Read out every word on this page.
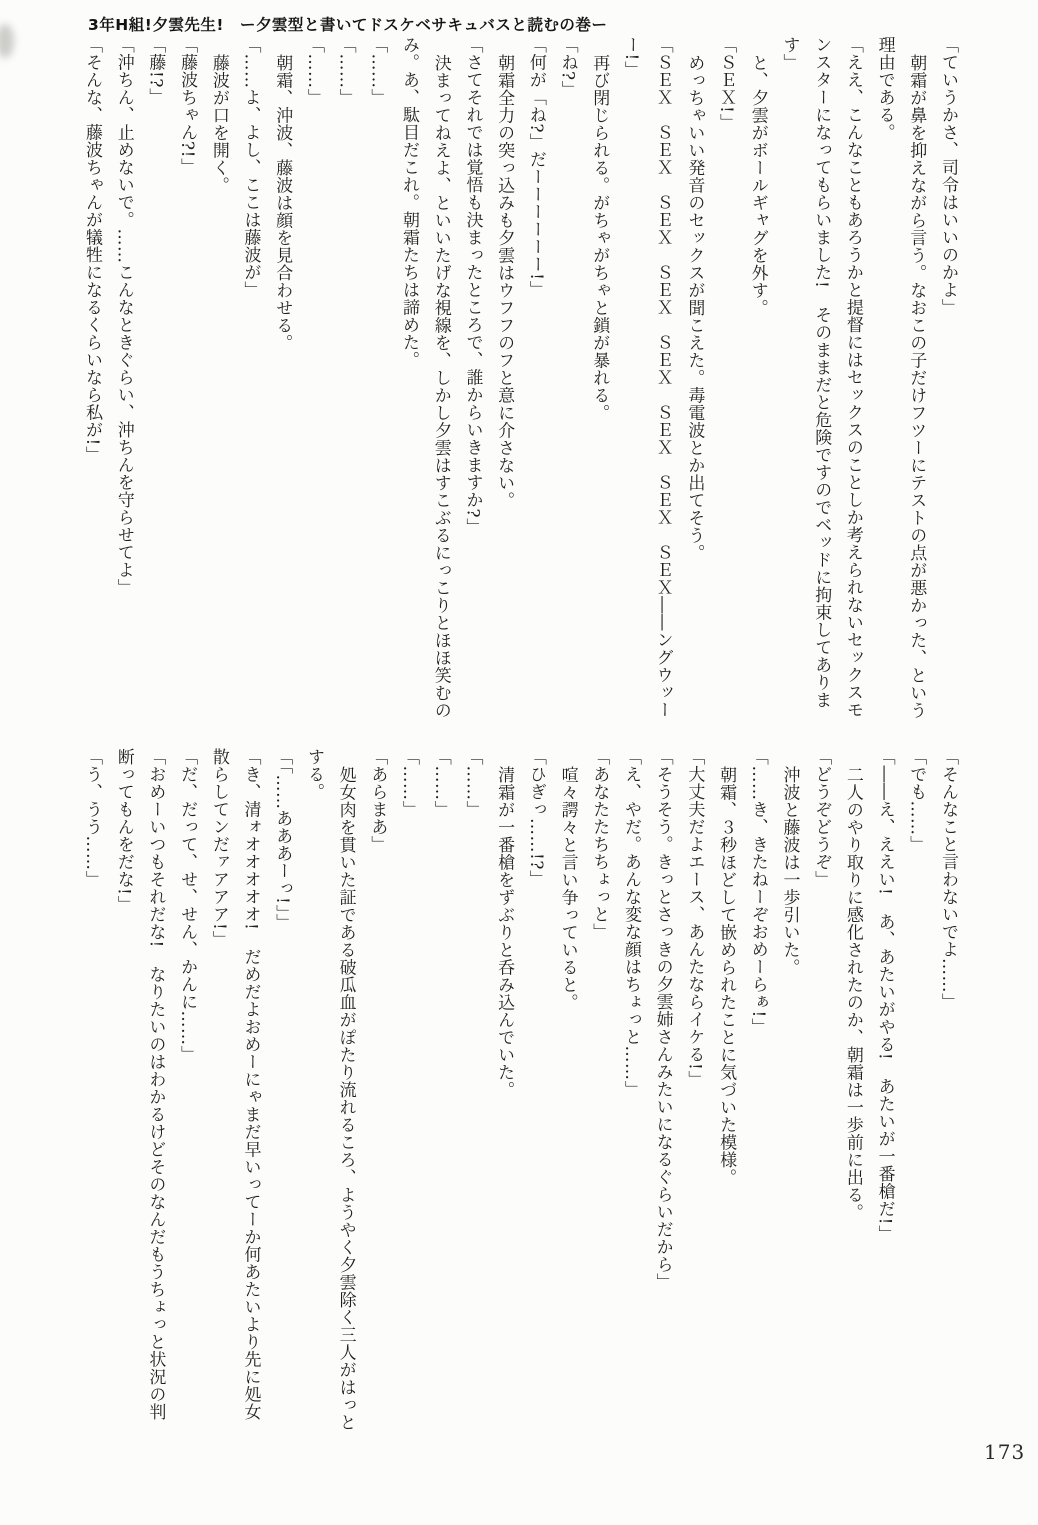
3年H組!夕雲先生!　ー夕雲型と書いてドスケベサキュバスと読むの巻ー

「ていうかさ、司令はいいのかよ」

朝霜が鼻を抑えながら言う。なおこの子だけフツーにテストの点が悪かった、という

理由である。

「ええ、こんなこともあろうかと提督にはセックスのことしか考えられないセックスモ

ンスターになってもらいました!　そのままだと危険ですのでベッドに拘束してありま

す」

と、夕雲がボールギャグを外す。

「ＳＥＸ!」

めっちゃいい発音のセックスが聞こえた。毒電波とか出てそう。

「ＳＥＸ　ＳＥＸ　ＳＥＸ　ＳＥＸ　ＳＥＸ　ＳＥＸ　ＳＥＸ　ＳＥＸ――ングウッー

ー!」

再び閉じられる。がちゃがちゃと鎖が暴れる。

「ね?」

「何が「ね?」だーーーーーー!」

朝霜全力の突っ込みも夕雲はウフフのフと意に介さない。

「さてそれでは覚悟も決まったところで、誰からいきますか?」

決まってねえよ、といいたげな視線を、しかし夕雲はすこぶるにっこりとほほ笑むの

み。あ、駄目だこれ。朝霜たちは諦めた。

「……」

「……」

「……」

朝霜、沖波、藤波は顔を見合わせる。

「……よ、よし、ここは藤波が」

藤波が口を開く。

「藤波ちゃん?!」

「藤!?」

「沖ちん、止めないで。……こんなときぐらい、沖ちんを守らせてよ」

「そんな、藤波ちゃんが犠牲になるくらいなら私が!」

「そんなこと言わないでよ……」

「でも……」

「――え、ええい!　あ、あたいがやる!　あたいが一番槍だ!」

二人のやり取りに感化されたのか、朝霜は一歩前に出る。

「どうぞどうぞ」

沖波と藤波は一歩引いた。

「……き、きたねーぞおめーらぁ!」

朝霜、３秒ほどして嵌められたことに気づいた模様。

「大丈夫だよエース、あんたならイケる!」

「そうそう。きっとさっきの夕雲姉さんみたいになるぐらいだから」

「え、やだ。あんな変な顔はちょっと……」

「あなたたちちょっと」

喧々諤々と言い争っていると。

「ひぎっ……!?」

清霜が一番槍をずぶりと呑み込んでいた。

「……」

「……」

「……」

「あらまあ」

処女肉を貫いた証である破瓜血がぽたり流れるころ、ようやく夕雲除く三人がはっと

する。

「「……あああーっ!」」

「き、清ォオオオオオ!　だめだよおめーにゃまだ早いってーか何あたいより先に処女

散らしてンだァアアア!」

「だ、だって、せ、せん、かんに……」

「おめーいつもそれだな!　なりたいのはわかるけどそのなんだもうちょっと状況の判

断ってもんをだな!」

「う、うう……」

173
